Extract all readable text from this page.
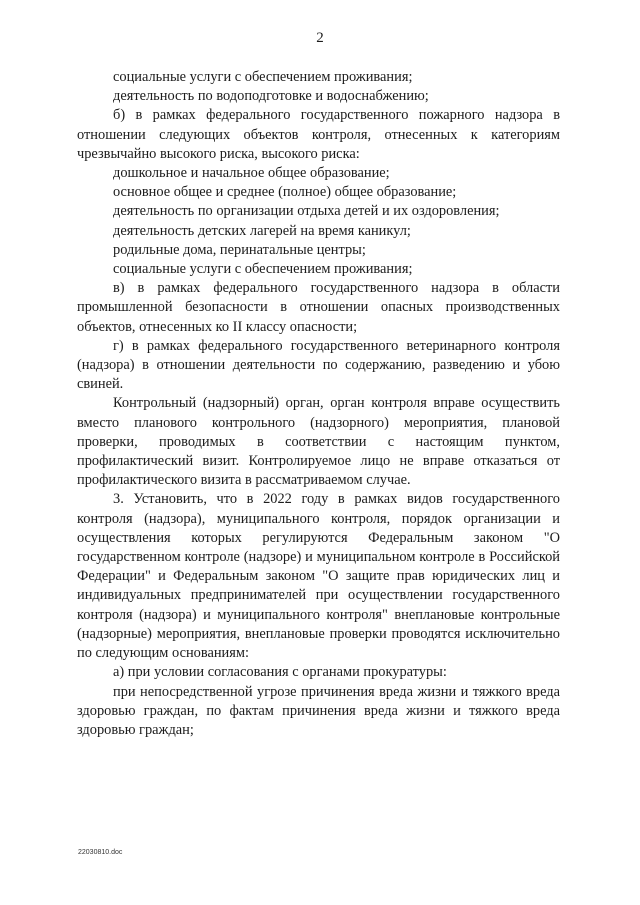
2

социальные услуги с обеспечением проживания;

деятельность по водоподготовке и водоснабжению;

б) в рамках федерального государственного пожарного надзора в отношении следующих объектов контроля, отнесенных к категориям чрезвычайно высокого риска, высокого риска:

дошкольное и начальное общее образование;

основное общее и среднее (полное) общее образование;

деятельность по организации отдыха детей и их оздоровления;

деятельность детских лагерей на время каникул;

родильные дома, перинатальные центры;

социальные услуги с обеспечением проживания;

в) в рамках федерального государственного надзора в области промышленной безопасности в отношении опасных производственных объектов, отнесенных ко II классу опасности;

г) в рамках федерального государственного ветеринарного контроля (надзора) в отношении деятельности по содержанию, разведению и убою свиней.

Контрольный (надзорный) орган, орган контроля вправе осуществить вместо планового контрольного (надзорного) мероприятия, плановой проверки, проводимых в соответствии с настоящим пунктом, профилактический визит. Контролируемое лицо не вправе отказаться от профилактического визита в рассматриваемом случае.

3. Установить, что в 2022 году в рамках видов государственного контроля (надзора), муниципального контроля, порядок организации и осуществления которых регулируются Федеральным законом "О государственном контроле (надзоре) и муниципальном контроле в Российской Федерации" и Федеральным законом "О защите прав юридических лиц и индивидуальных предпринимателей при осуществлении государственного контроля (надзора) и муниципального контроля" внеплановые контрольные (надзорные) мероприятия, внеплановые проверки проводятся исключительно по следующим основаниям:

а) при условии согласования с органами прокуратуры:

при непосредственной угрозе причинения вреда жизни и тяжкого вреда здоровью граждан, по фактам причинения вреда жизни и тяжкого вреда здоровью граждан;

22030810.doc
